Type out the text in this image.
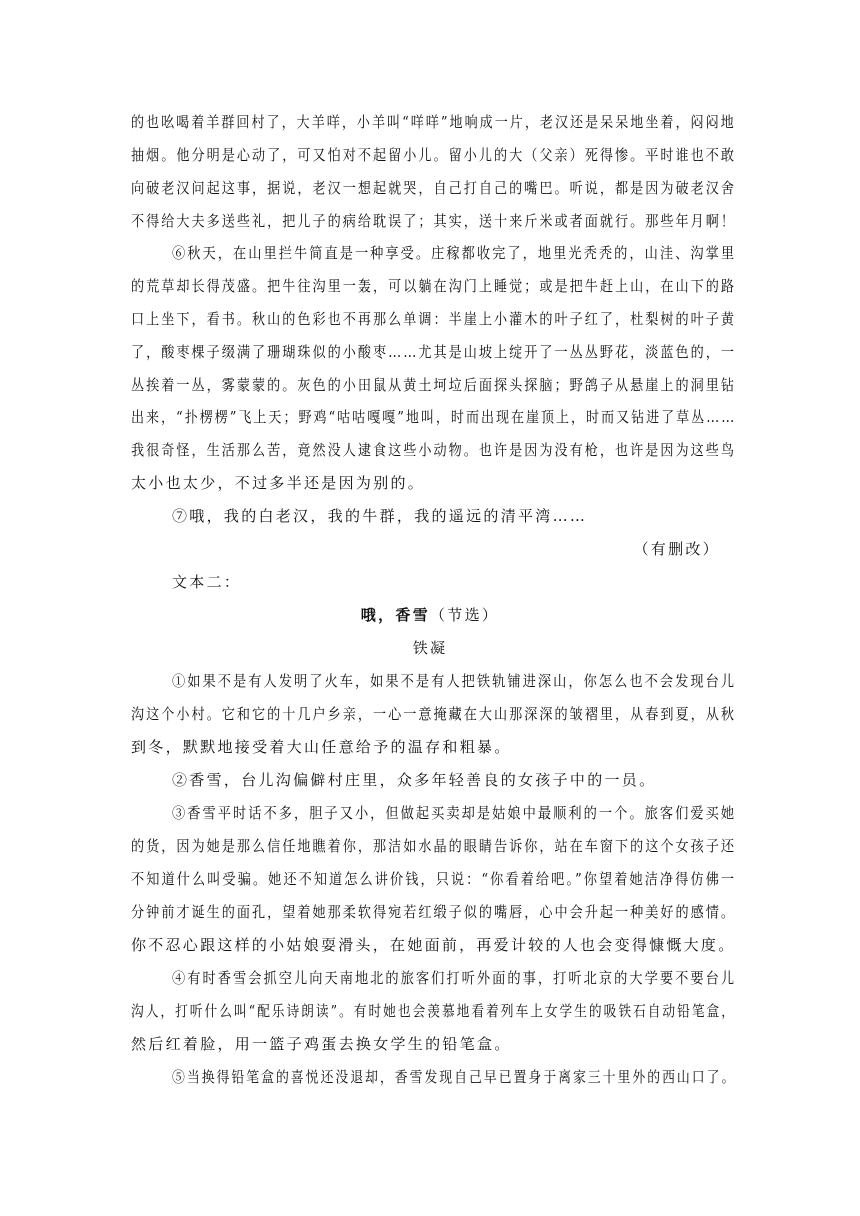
的也吆喝着羊群回村了，大羊咩，小羊叫“咩咩”地响成一片，老汉还是呆呆地坐着，闷闷地
抽烟。他分明是心动了，可又怕对不起留小儿。留小儿的大（父亲）死得惨。平时谁也不敢
向破老汉问起这事，据说，老汉一想起就哭，自己打自己的嘴巴。听说，都是因为破老汉舍
不得给大夫多送些礼，把儿子的病给耽误了；其实，送十来斤米或者面就行。那些年月啊！
⑥秋天，在山里拦牛简直是一种享受。庄稼都收完了，地里光秃秃的，山洼、沟掌里
的荒草却长得茂盛。把牛往沟里一轰，可以躺在沟门上睡觉；或是把牛赶上山，在山下的路
口上坐下，看书。秋山的色彩也不再那么单调：半崖上小灌木的叶子红了，杜梨树的叶子黄
了，酸枣棵子缀满了珊瑚珠似的小酸枣……尤其是山坡上绽开了一丛丛野花，淡蓝色的，一
丛挨着一丛，雾蒙蒙的。灰色的小田鼠从黄土坷垃后面探头探脑；野鸽子从悬崖上的洞里钻
出来，“扑楞楞”飞上天；野鸡“咕咕嘎嘎”地叫，时而出现在崖顶上，时而又钻进了草丛……
我很奇怪，生活那么苦，竟然没人逮食这些小动物。也许是因为没有枪，也许是因为这些鸟
太小也太少，不过多半还是因为别的。
⑦哦，我的白老汉，我的牛群，我的遥远的清平湾……
（有删改）
文本二：
哦，香雪（节选）
铁凝
①如果不是有人发明了火车，如果不是有人把铁轨铺进深山，你怎么也不会发现台儿
沟这个小村。它和它的十几户乡亲，一心一意掩藏在大山那深深的皱褶里，从春到夏，从秋
到冬，默默地接受着大山任意给予的温存和粗暴。
②香雪，台儿沟偏僻村庄里，众多年轻善良的女孩子中的一员。
③香雪平时话不多，胆子又小，但做起买卖却是姑娘中最顺利的一个。旅客们爱买她
的货，因为她是那么信任地瞧着你，那洁如水晶的眼睛告诉你，站在车窗下的这个女孩子还
不知道什么叫受骗。她还不知道怎么讲价钱，只说：“你看着给吧。”你望着她洁净得仿佛一
分钟前才诞生的面孔，望着她那柔软得宛若红缎子似的嘴唇，心中会升起一种美好的感情。
你不忍心跟这样的小姑娘耍滑头，在她面前，再爱计较的人也会变得慷慨大度。
④有时香雪会抓空儿向天南地北的旅客们打听外面的事，打听北京的大学要不要台儿
沟人，打听什么叫“配乐诗朗读”。有时她也会羡慕地看着列车上女学生的吸铁石自动铅笔盒，
然后红着脸，用一篮子鸡蛋去换女学生的铅笔盒。
⑤当换得铅笔盒的喜悦还没退却，香雪发现自己早已置身于离家三十里外的西山口了。
